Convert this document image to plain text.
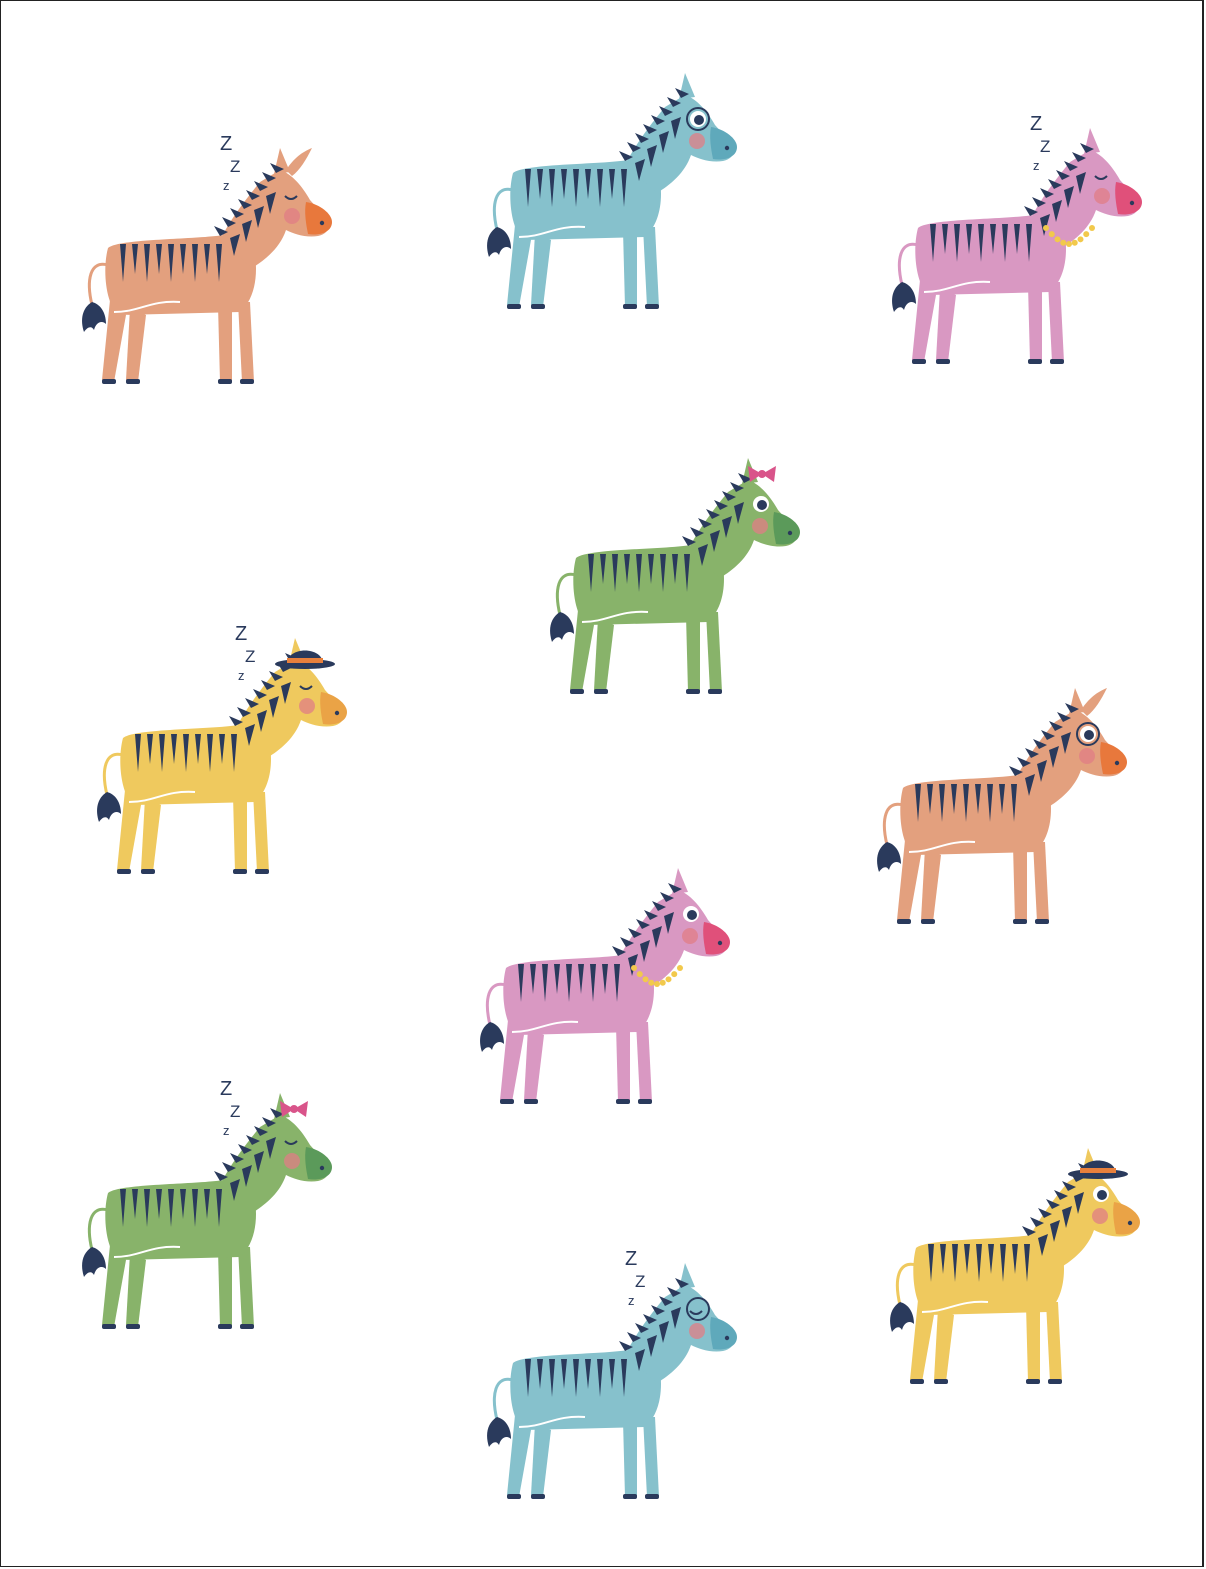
Z
Z
z
Z
Z
z
Z
Z
z
Z
Z
z
Z
Z
z
